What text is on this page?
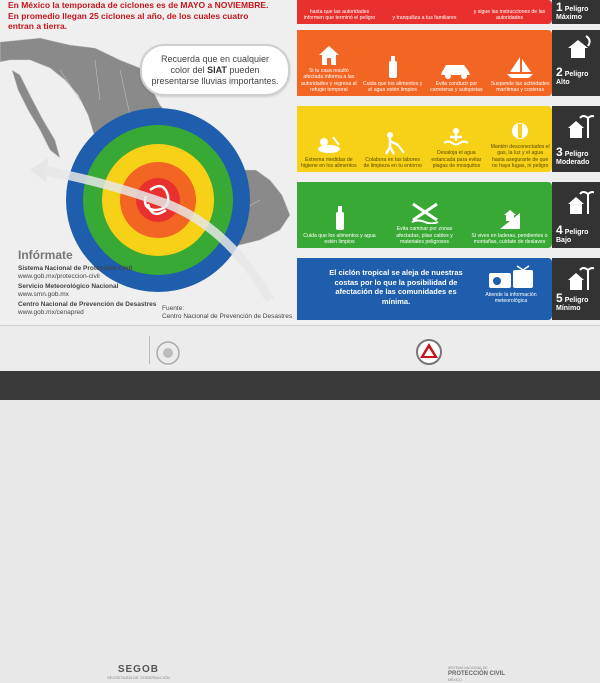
En México la temporada de ciclones es de MAYO a NOVIEMBRE.
En promedio llegan 25 ciclones al año, de los cuales cuatro
entran a tierra.
Recuerda que en cualquier color del SIAT pueden presentarse lluvias importantes.
Infórmate
Sistema Nacional de Protección Civil
www.gob.mx/proteccion-civil
Servicio Meteorológico Nacional
www.smn.gob.mx
Centro Nacional de Prevención de Desastres
www.gob.mx/cenapred
Fuente:
Centro Nacional de Prevención de Desastres
hasta que las autoridades informen que terminó el peligro	y tranquiliza a tus familiares
y sigue las instrucciones de las autoridades
1 Peligro Máximo
Si tu casa resultó afectada informa a las autoridades y regresa al refugio temporal
Cuida que los alimentos y el agua estén limpios
Evita conducir por carreteras y autopistas
Suspende las actividades marítimas y costeras
2 Peligro Alto
Extrema medidas de higiene en los alimentos
Colabora en las labores de limpieza en tu entorno
Desaloja el agua estancada para evitar plagas de mosquitos
Mantén desconectados el gas, la luz y el agua hasta asegurarte de que no haya fugas, ni peligro
3 Peligro Moderado
Cuida que los alimentos y agua estén limpios
Evita caminar por zonas afectadas, plias cables y materiales peligrosos
Si vives en laderas, pendientes o montañas, cuídate de deslaves
4 Peligro Bajo
El ciclón tropical se aleja de nuestras costas por lo que la posibilidad de afectación de las comunidades es mínima.
Atiende la información meteorológica	5 Peligro Mínimo
SEGOB
SECRETARÍA DE GOBERNACIÓN
SISTEMA NACIONAL DE
PROTECCIÓN CIVIL
MÉXICO
